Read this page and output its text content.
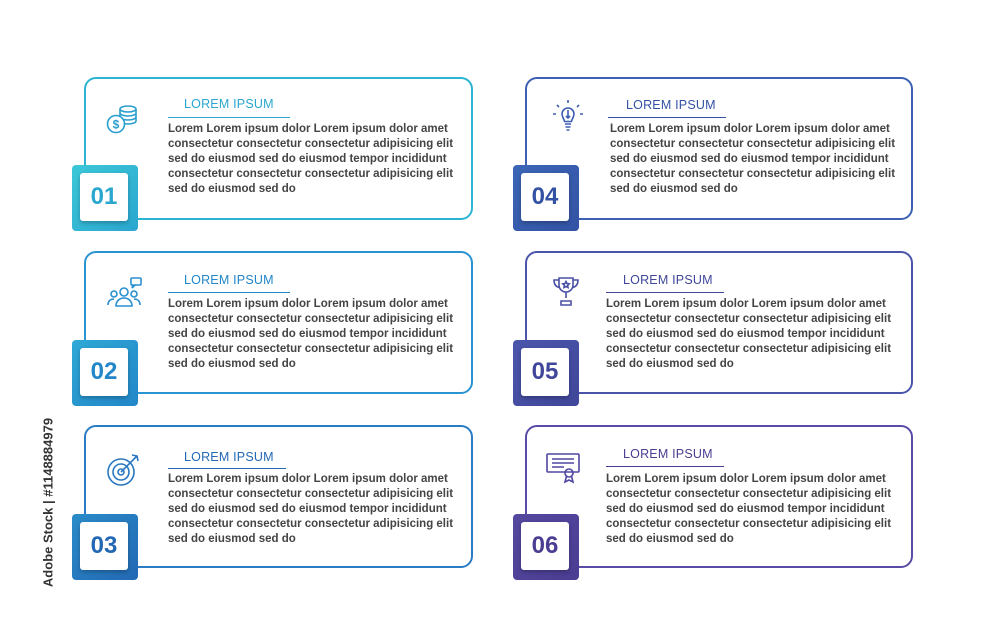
01
$
LOREM IPSUM
Lorem Lorem ipsum dolor Lorem ipsum dolor amet consectetur consectetur consectetur adipisicing elit sed do eiusmod sed do eiusmod tempor incididunt consectetur consectetur consectetur adipisicing elit sed do eiusmod sed do
02
LOREM IPSUM
Lorem Lorem ipsum dolor Lorem ipsum dolor amet consectetur consectetur consectetur adipisicing elit sed do eiusmod sed do eiusmod tempor incididunt consectetur consectetur consectetur adipisicing elit sed do eiusmod sed do
03
LOREM IPSUM
Lorem Lorem ipsum dolor Lorem ipsum dolor amet consectetur consectetur consectetur adipisicing elit sed do eiusmod sed do eiusmod tempor incididunt consectetur consectetur consectetur adipisicing elit sed do eiusmod sed do
04
LOREM IPSUM
Lorem Lorem ipsum dolor Lorem ipsum dolor amet consectetur consectetur consectetur adipisicing elit sed do eiusmod sed do eiusmod tempor incididunt consectetur consectetur consectetur adipisicing elit sed do eiusmod sed do
05
LOREM IPSUM
Lorem Lorem ipsum dolor Lorem ipsum dolor amet consectetur consectetur consectetur adipisicing elit sed do eiusmod sed do eiusmod tempor incididunt consectetur consectetur consectetur adipisicing elit sed do eiusmod sed do
06
LOREM IPSUM
Lorem Lorem ipsum dolor Lorem ipsum dolor amet consectetur consectetur consectetur adipisicing elit sed do eiusmod sed do eiusmod tempor incididunt consectetur consectetur consectetur adipisicing elit sed do eiusmod sed do
Adobe Stock | #1148884979
